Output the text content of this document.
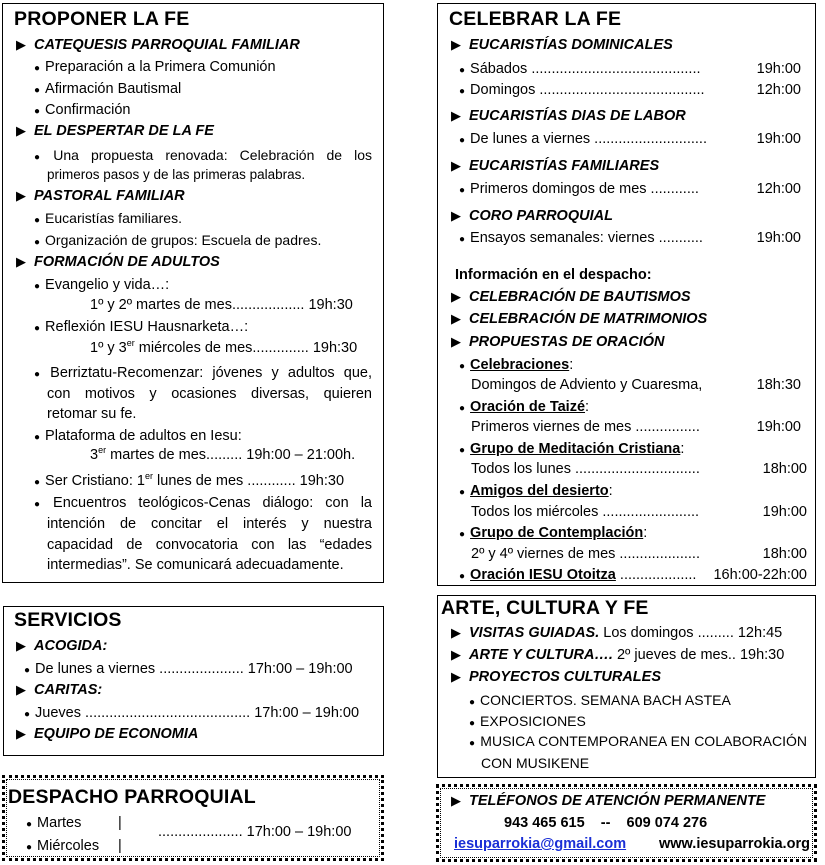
PROPONER LA FE
▶ CATEQUESIS PARROQUIAL FAMILIAR
● Preparación a la Primera Comunión
● Afirmación Bautismal
● Confirmación
▶ EL DESPERTAR DE LA FE
● Una propuesta renovada: Celebración de los
primeros pasos y de las primeras palabras.
▶ PASTORAL FAMILIAR
● Eucaristías familiares.
● Organización de grupos: Escuela de padres.
▶ FORMACIÓN DE ADULTOS
● Evangelio y vida…:
1º y 2º martes de mes.................. 19h:30
● Reflexión IESU Hausnarketa…:
1º y 3er miércoles de mes.............. 19h:30
● Berriztatu-Recomenzar: jóvenes y adultos que,
con motivos y ocasiones diversas, quieren
retomar su fe.
● Plataforma de adultos en Iesu:
3er martes de mes......... 19h:00 – 21:00h.
● Ser Cristiano: 1er lunes de mes ............ 19h:30
● Encuentros teológicos-Cenas diálogo: con la
intención de concitar el interés y nuestra
capacidad de convocatoria con las “edades
intermedias”. Se comunicará adecuadamente.
SERVICIOS
▶ ACOGIDA:
● De lunes a viernes ..................... 17h:00 – 19h:00
▶ CARITAS:
● Jueves ......................................... 17h:00 – 19h:00
▶ EQUIPO DE ECONOMIA
DESPACHO PARROQUIAL
● Martes	|
● Miércoles |
..................... 17h:00 – 19h:00
CELEBRAR LA FE
▶ EUCARISTÍAS DOMINICALES
● Sábados ..........................................	19h:00
● Domingos .........................................	12h:00
▶ EUCARISTÍAS DIAS DE LABOR
● De lunes a viernes ............................	19h:00
▶ EUCARISTÍAS FAMILIARES
● Primeros domingos de mes ............	12h:00
▶ CORO PARROQUIAL
● Ensayos semanales: viernes ...........	19h:00
Información en el despacho:
▶ CELEBRACIÓN DE BAUTISMOS
▶ CELEBRACIÓN DE MATRIMONIOS
▶ PROPUESTAS DE ORACIÓN
● Celebraciones:
Domingos de Adviento y Cuaresma,	18h:30
● Oración de Taizé:
Primeros viernes de mes ................	19h:00
● Grupo de Meditación Cristiana:
Todos los lunes ...............................	18h:00
● Amigos del desierto:
Todos los miércoles ........................	19h:00
● Grupo de Contemplación:
2º y 4º viernes de mes ....................	18h:00
● Oración IESU Otoitza ................... 16h:00-22h:00
ARTE, CULTURA Y FE
▶ VISITAS GUIADAS. Los domingos ......... 12h:45
▶ ARTE Y CULTURA…. 2º jueves de mes.. 19h:30
▶ PROYECTOS CULTURALES
● CONCIERTOS. SEMANA BACH ASTEA
● EXPOSICIONES
● MUSICA CONTEMPORANEA EN COLABORACIÓN
CON MUSIKENE
▶ TELÉFONOS DE ATENCIÓN PERMANENTE
943 465 615    --    609 074 276
iesuparrokia@gmail.com www.iesuparrokia.org
